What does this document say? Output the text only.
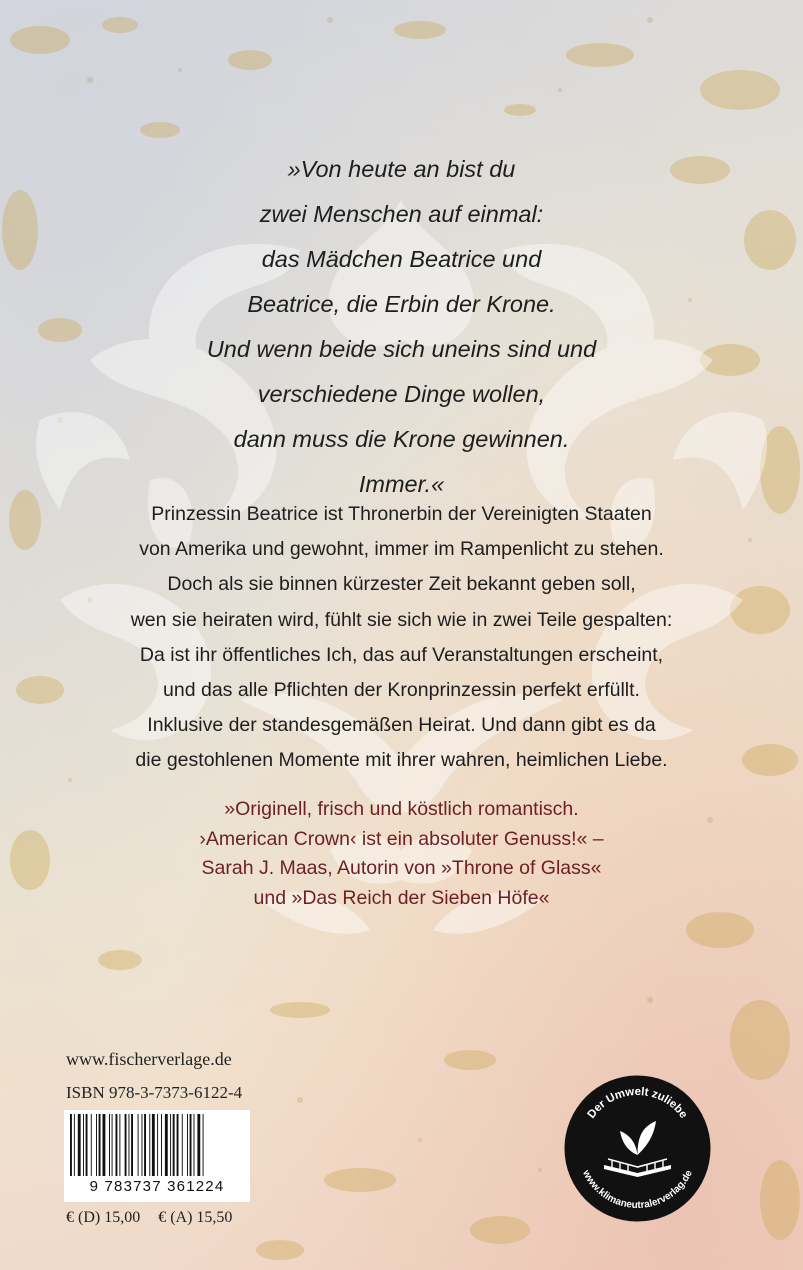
»Von heute an bist du
zwei Menschen auf einmal:
das Mädchen Beatrice und
Beatrice, die Erbin der Krone.
Und wenn beide sich uneins sind und
verschiedene Dinge wollen,
dann muss die Krone gewinnen.
Immer.«
Prinzessin Beatrice ist Thronerbin der Vereinigten Staaten
von Amerika und gewohnt, immer im Rampenlicht zu stehen.
Doch als sie binnen kürzester Zeit bekannt geben soll,
wen sie heiraten wird, fühlt sie sich wie in zwei Teile gespalten:
Da ist ihr öffentliches Ich, das auf Veranstaltungen erscheint,
und das alle Pflichten der Kronprinzessin perfekt erfüllt.
Inklusive der standesgemäßen Heirat. Und dann gibt es da
die gestohlenen Momente mit ihrer wahren, heimlichen Liebe.
»Originell, frisch und köstlich romantisch.
›American Crown‹ ist ein absoluter Genuss!« –
Sarah J. Maas, Autorin von »Throne of Glass«
und »Das Reich der Sieben Höfe«
www.fischerverlage.de
ISBN 978-3-7373-6122-4
9 783737 361224
€ (D) 15,00 € (A) 15,50
Der Umwelt zuliebe
www.klimaneutralerverlag.de
